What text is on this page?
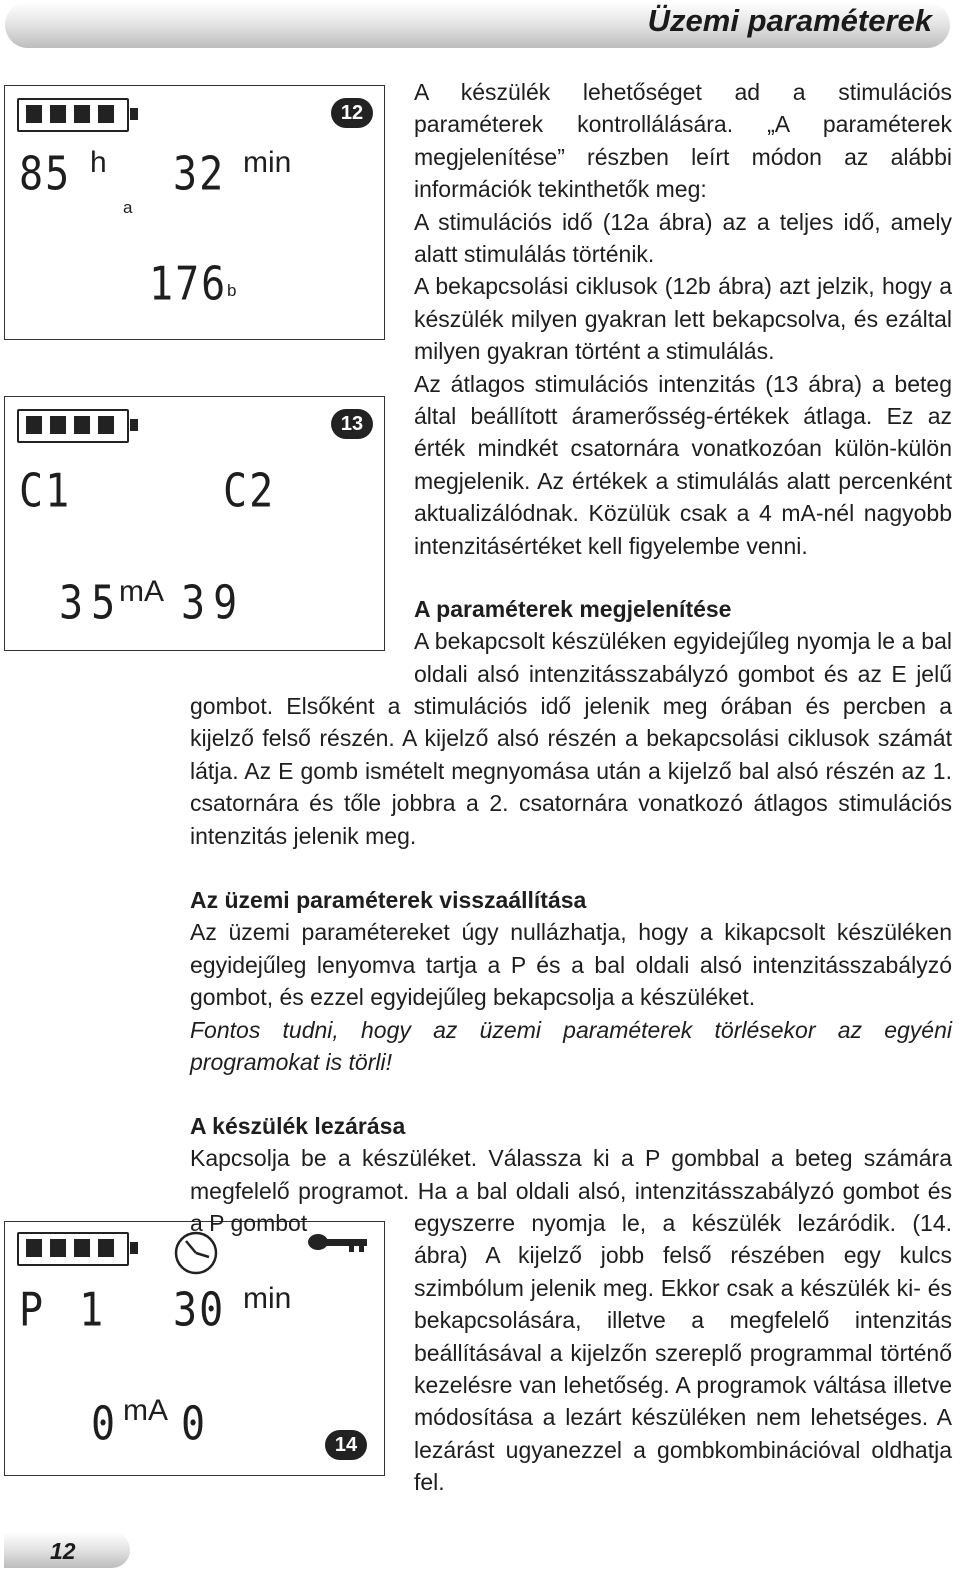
Üzemi paraméterek
12
85 h
a
32 min
176 b
13
C1	C2
35
mA 39
P 1 30 min
0 mA 0	14

A készülék lehetőséget ad a stimulációs paraméterek kontrollálására. „A paraméterek megjelenítése” részben leírt módon az alábbi információk tekinthetők meg:

A stimulációs idő (12a ábra) az a teljes idő, amely alatt stimulálás történik.

A bekapcsolási ciklusok (12b ábra) azt jelzik, hogy a készülék milyen gyakran lett bekapcsolva, és ezáltal milyen gyakran történt a stimulálás.

Az átlagos stimulációs intenzitás (13 ábra) a beteg által beállított áramerősség-értékek átlaga. Ez az érték mindkét csatornára vonatkozóan külön-külön megjelenik. Az értékek a stimulálás alatt percenként aktualizálódnak. Közülük csak a 4 mA-nél nagyobb intenzitásértéket kell figyelembe venni.

A paraméterek megjelenítése

A bekapcsolt készüléken egyidejűleg nyomja le a bal

oldali alsó intenzitásszabályzó gombot és az E jelű

gombot. Elsőként a stimulációs idő jelenik meg órában és percben a kijelző felső részén. A kijelző alsó részén a bekapcsolási ciklusok számát látja. Az E gomb ismételt megnyomása után a kijelző bal alsó részén az 1. csatornára és tőle jobbra a 2. csatornára vonatkozó átlagos stimulációs intenzitás jelenik meg.

Az üzemi paraméterek visszaállítása

Az üzemi paramétereket úgy nullázhatja, hogy a kikapcsolt készüléken egyidejűleg lenyomva tartja a P és a bal oldali alsó intenzitásszabályzó gombot, és ezzel egyidejűleg bekapcsolja a készüléket.

Fontos tudni, hogy az üzemi paraméterek törlésekor az egyéni programokat is törli!

A készülék lezárása

Kapcsolja be a készüléket. Válassza ki a P gombbal a beteg számára megfelelő programot. Ha a bal oldali alsó, intenzitásszabályzó gombot és a P gombot	egyszerre nyomja le, a készülék lezáródik. (14. ábra) A kijelző jobb felső részében egy kulcs szimbólum jelenik meg. Ekkor csak a készülék ki- és bekapcsolására, illetve a megfelelő intenzitás beállításával a kijelzőn szereplő programmal történő kezelésre van lehetőség. A programok váltása illetve módosítása a lezárt készüléken nem lehetséges. A lezárást ugyanezzel a gombkombinációval oldhatja fel.

12
